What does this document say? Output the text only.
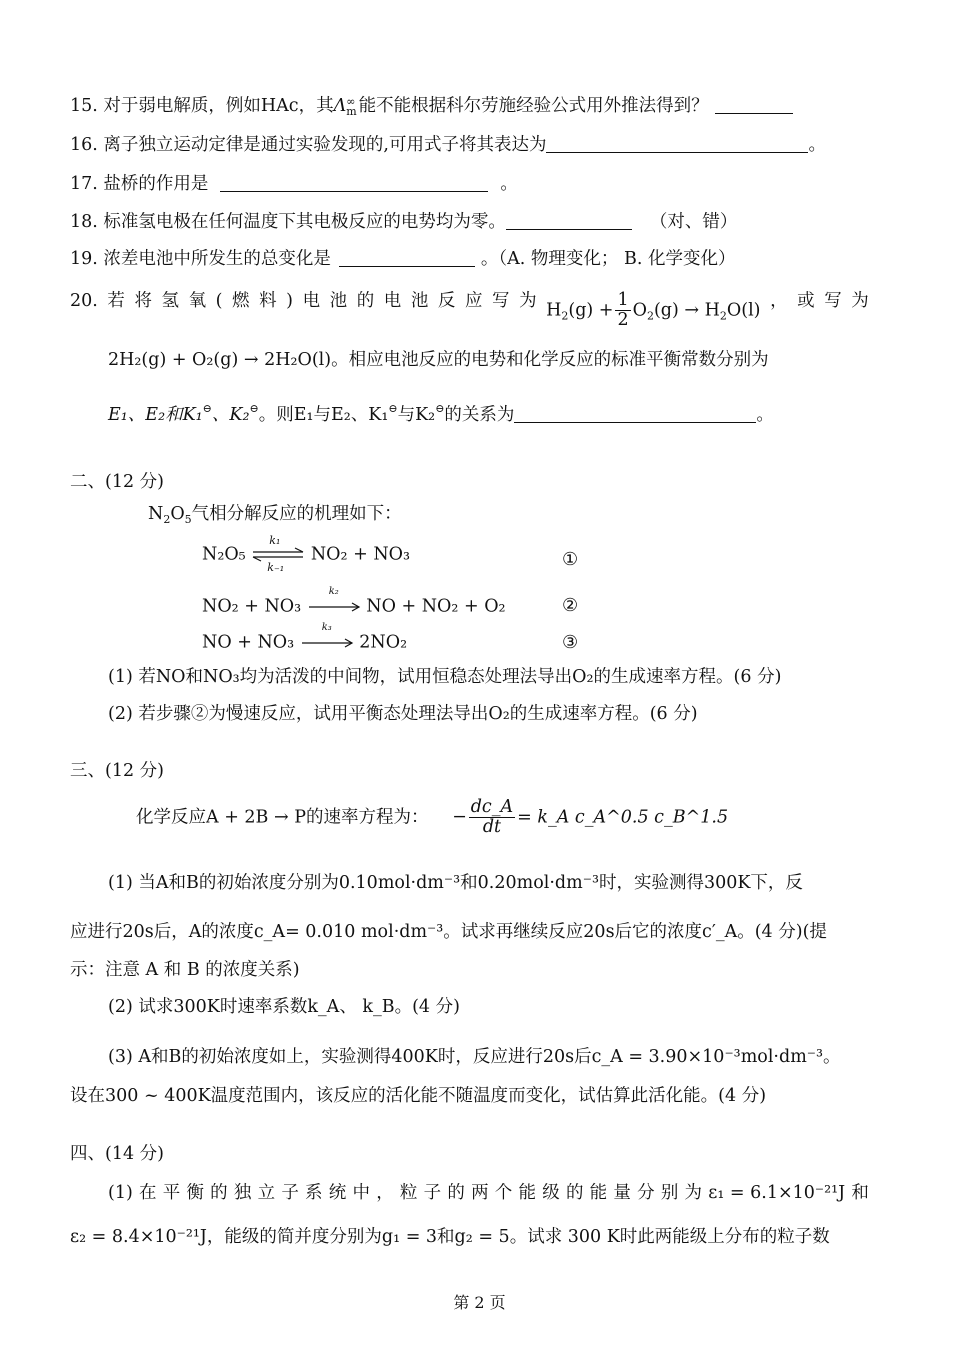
15. 对于弱电解质，例如HAc，其Λ ∞
m 能不能根据科尔劳施经验公式用外推法得到？
16. 离子独立运动定律是通过实验发现的,可用式子将其表达为	。
17. 盐桥的作用是	。
18. 标准氢电极在任何温度下其电极反应的电势均为零。	（对、错）
19. 浓差电池中所发生的总变化是	。（A. 物理变化； B. 化学变化）
20. 若 将 氢 氧 ( 燃 料 ) 电 池 的 电 池 反 应 写 为 $H_2(g) + \frac{1}{2} O_2(g) \to H_2O(l)$ ， 或 写 为
2H₂(g) + O₂(g) → 2H₂O(l)。相应电池反应的电势和化学反应的标准平衡常数分别为
E₁、E₂和K₁⊖、K₂⊖。则E₁与E₂、K₁⊖与K₂⊖的关系为	。
二、(12 分)
$N_2O_5$气相分解反应的机理如下：
N₂O₅
k₁
k₋₁
NO₂ + NO₃	①
NO₂ + NO₃
k₂
NO + NO₂ + O₂	②
NO + NO₃
k₃
2NO₂	③
(1) 若NO和NO₃均为活泼的中间物，试用恒稳态处理法导出O₂的生成速率方程。(6 分)
(2) 若步骤②为慢速反应，试用平衡态处理法导出O₂的生成速率方程。(6 分)
三、(12 分)
化学反应A + 2B → P的速率方程为： − $\frac{dc\_A}{dt}$ = k_A c_A^0.5 c_B^1.5
(1) 当A和B的初始浓度分别为0.10mol·dm⁻³和0.20mol·dm⁻³时，实验测得300K下，反
应进行20s后，A的浓度c_A= 0.010 mol·dm⁻³。试求再继续反应20s后它的浓度c′_A。(4 分)(提
示：注意 A 和 B 的浓度关系)
(2) 试求300K时速率系数k_A、 k_B。(4 分)
(3) A和B的初始浓度如上，实验测得400K时，反应进行20s后c_A = 3.90×10⁻³mol·dm⁻³。
设在300 ~ 400K温度范围内，该反应的活化能不随温度而变化，试估算此活化能。(4 分)
四、(14 分)
(1) 在 平 衡 的 独 立 子 系 统 中 ， 粒 子 的 两 个 能 级 的 能 量 分 别 为 ε₁ = 6.1×10⁻²¹J 和
ε₂ = 8.4×10⁻²¹J，能级的简并度分别为g₁ = 3和g₂ = 5。试求 300 K时此两能级上分布的粒子数
第 2 页
